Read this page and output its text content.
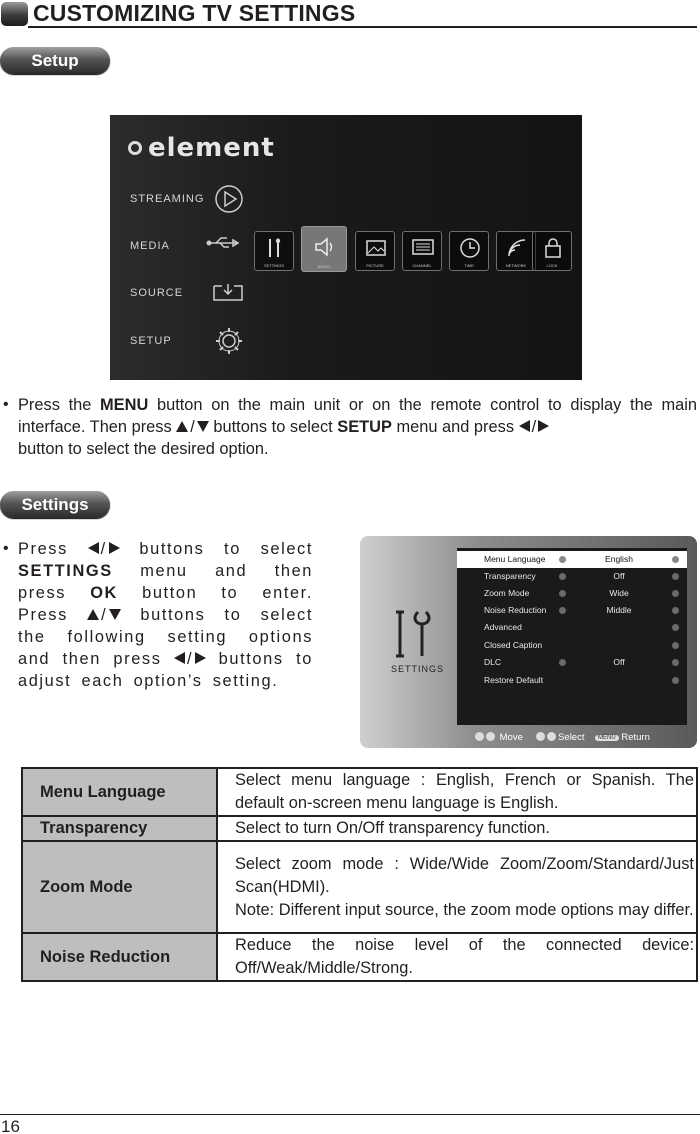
CUSTOMIZING TV SETTINGS
Setup
element
STREAMING
MEDIA
SOURCE
SETUP
SETTINGS	AUDIO	PICTURE	CHANNEL	TIME	NETWORK	LOCK
• Press the MENU button on the main unit or on the remote control to display the main interface. Then press / buttons to select SETUP menu and press /
button to select the desired option.
Settings
• Press / buttons to select SETTINGS menu and then press OK button to enter. Press / buttons to select the following setting options and then press / buttons to adjust each option’s setting.
SETTINGS
Menu Language	English
Transparency	Off
Zoom Mode	Wide
Noise Reduction	Middle
Advanced
Closed Caption
DLC	Off
Restore Default
Move	Select MENU Return
Menu Language	Select menu language : English, French or Spanish. The default on-screen menu language is English.
Transparency	Select to turn On/Off transparency function.
Zoom Mode	Select zoom mode : Wide/Wide Zoom/Zoom/Standard/Just Scan(HDMI).
Note: Different input source, the zoom mode options may differ.

Noise Reduction	Reduce the noise level of the connected device: Off/Weak/Middle/Strong.
16
